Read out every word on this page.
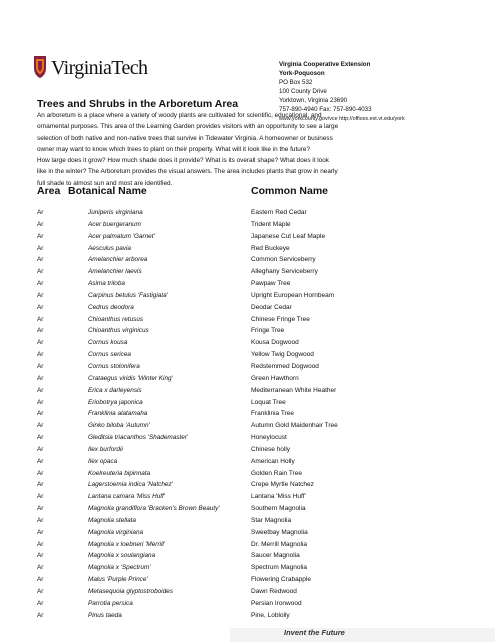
VirginiaTech	Virginia Cooperative Extension
York-Poquoson
PO Box 532
100 County Drive
Yorktown, Virginia 23690
757-890-4940 Fax: 757-890-4033
www.yorkcounty.gov/vce http://offices.ext.vt.edu/york
Trees and Shrubs in the Arboretum Area

An arboretum is a place where a variety of woody plants are cultivated for scientific, educational, and

ornamental purposes. This area of the Learning Garden provides visitors with an opportunity to see a large

selection of both native and non-native trees that survive in Tidewater Virginia. A homeowner or business

owner may want to know which trees to plant on their property. What will it look like in the future?

How large does it grow? How much shade does it provide? What is its overall shape? What does it look

like in the winter? The Arboretum provides the visual answers. The area includes plants that grow in nearly

full shade to almost sun and most are identified.

Area Botanical Name	Common Name
Ar	Juniperis virginiana	Eastern Red Cedar
Ar	Acer buergeranum	Trident Maple
Ar	Acer palmatum 'Garnet'	Japanese Cut Leaf Maple
Ar	Aesculus pavia	Red Buckeye
Ar	Amelanchier arborea	Common Serviceberry
Ar	Amelanchier laevis	Alleghany Serviceberry
Ar	Asima triloba	Pawpaw Tree
Ar	Carpinus betulus 'Fastigiata'	Upright European Hornbeam
Ar	Cedrus deodora	Deodar Cedar
Ar	Chioanthus retusus	Chinese Fringe Tree
Ar	Chioanthus virginicus	Fringe Tree
Ar	Cornus kousa	Kousa Dogwood
Ar	Cornus sericea	Yellow Twig Dogwood
Ar	Cornus stolonifera	Redstemmed Dogwood
Ar	Crataegus viridis 'Winter King'	Green Hawthorn
Ar	Erica x darleyensis	Mediterranean White Heather
Ar	Eriobotrya japonica	Loquat Tree
Ar	Franklinia alatamaha	Franklinia Tree
Ar	Ginko biloba 'Autumn'	Autumn Gold Maidenhair Tree
Ar	Gleditsia triacanthos 'Shademaster'	Honeylocust
Ar	Ilex burfordii	Chinese holly
Ar	Ilex opaca	American Holly
Ar	Koelreuteria bipinnata	Golden Rain Tree
Ar	Lagerstoemia indica 'Natchez'	Crepe Myrtle Natchez
Ar	Lantana camara 'Miss Huff'	Lantana 'Miss Huff'
Ar	Magnolia grandiflora 'Bracken's Brown Beauty'	Southern Magnolia
Ar	Magnolia stellata	Star Magnolia
Ar	Magnolia virginiana	Sweetbay Magnolia
Ar	Magnolia x loebneri 'Merrill'	Dr. Merrill Magnolia
Ar	Magnolia x soulangiana	Saucer Magnolia
Ar	Magnolia x 'Spectrum'	Spectrum Magnolia
Ar	Malus 'Purple Prince'	Flowering Crabapple
Ar	Metasequoia glyptostroboides	Dawn Redwood
Ar	Parrotia persica	Persian Ironwood
Ar	Pinus taeda	Pine, Loblolly
Invent the Future
